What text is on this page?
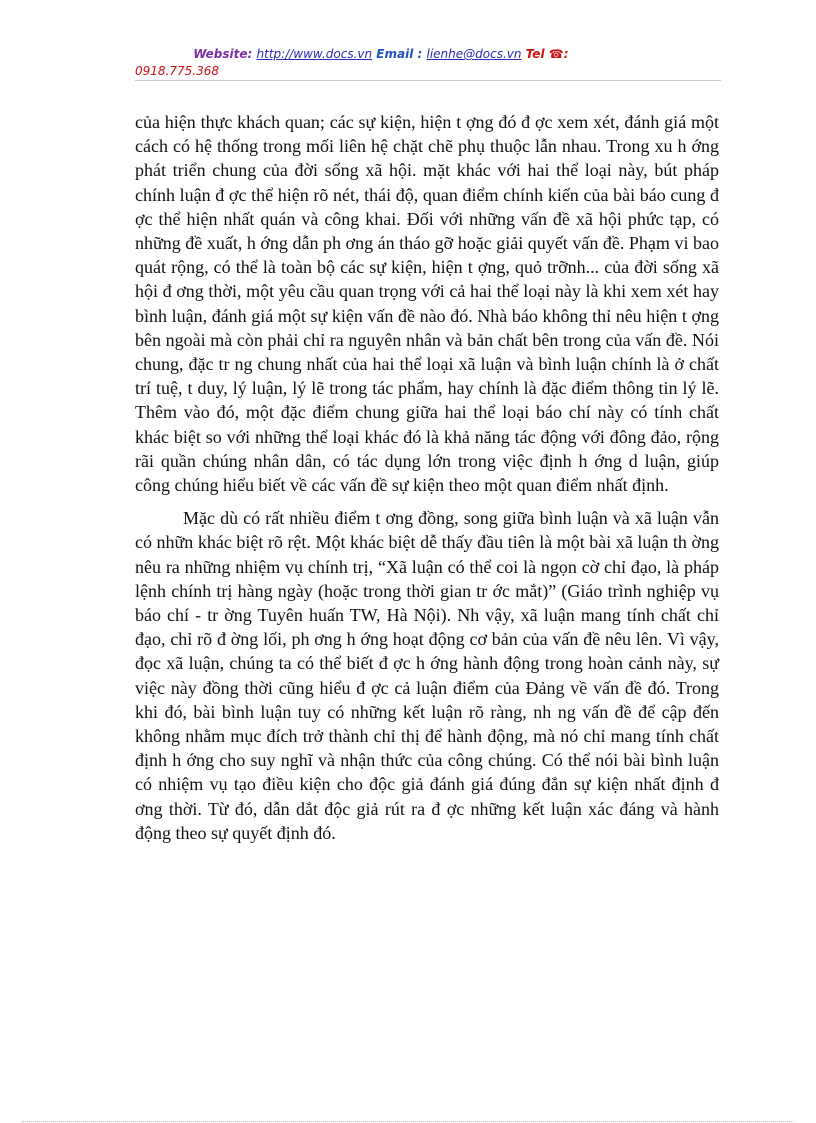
Website: http://www.docs.vn Email : lienhe@docs.vn Tel ☎:
0918.775.368

của hiện thực khách quan; các sự kiện, hiện t ợng đó đ ợc xem xét, đánh giá một cách có hệ thống trong mối liên hệ chặt chẽ phụ thuộc lẫn nhau. Trong xu h ớng phát triển chung của đời sống xã hội. mặt khác với hai thể loại này, bút pháp chính luận đ ợc thể hiện rõ nét, thái độ, quan điểm chính kiến của bài báo cung đ ợc thể hiện nhất quán và công khai. Đối với những vấn đề xã hội phức tạp, có những đề xuất, h ớng dẫn ph ơng án tháo gỡ hoặc giải quyết vấn đề. Phạm vi bao quát rộng, có thể là toàn bộ các sự kiện, hiện t ợng, quỏ trỡnh... của đời sống xã hội đ ơng thời, một yêu cầu quan trọng với cả hai thể loại này là khi xem xét hay bình luận, đánh giá một sự kiện vấn đề nào đó. Nhà báo không thỉ nêu hiện t ợng bên ngoài mà còn phải chỉ ra nguyên nhân và bản chất bên trong của vấn đề. Nói chung, đặc tr ng chung nhất của hai thể loại xã luận và bình luận chính là ở chất trí tuệ, t duy, lý luận, lý lẽ trong tác phẩm, hay chính là đặc điểm thông tin lý lẽ. Thêm vào đó, một đặc điểm chung giữa hai thể loại báo chí này có tính chất khác biệt so với những thể loại khác đó là khả năng tác động với đông đảo, rộng rãi quần chúng nhân dân, có tác dụng lớn trong việc định h ớng d luận, giúp công chúng hiểu biết về các vấn đề sự kiện theo một quan điểm nhất định.

Mặc dù có rất nhiều điểm t ơng đồng, song giữa bình luận và xã luận vẫn có nhữn khác biệt rõ rệt. Một khác biệt dễ thấy đầu tiên là một bài xã luận th ờng nêu ra những nhiệm vụ chính trị, “Xã luận có thể coi là ngọn cờ chỉ đạo, là pháp lệnh chính trị hàng ngày (hoặc trong thời gian tr ớc mắt)” (Giáo trình nghiệp vụ báo chí - tr ờng Tuyên huấn TW, Hà Nội). Nh vậy, xã luận mang tính chất chỉ đạo, chỉ rõ đ ờng lối, ph ơng h ớng hoạt động cơ bản của vấn đề nêu lên. Vì vậy, đọc xã luận, chúng ta có thể biết đ ợc h ớng hành động trong hoàn cảnh này, sự việc này đồng thời cũng hiểu đ ợc cả luận điểm của Đảng về vấn đề đó. Trong khi đó, bài bình luận tuy có những kết luận rõ ràng, nh ng vấn đề để cập đến không nhằm mục đích trở thành chỉ thị để hành động, mà nó chỉ mang tính chất định h ớng cho suy nghĩ và nhận thức của công chúng. Có thể nói bài bình luận có nhiệm vụ tạo điều kiện cho độc giả đánh giá đúng đắn sự kiện nhất định đ ơng thời. Từ đó, dẫn dắt độc giả rút ra đ ợc những kết luận xác đáng và hành động theo sự quyết định đó.
